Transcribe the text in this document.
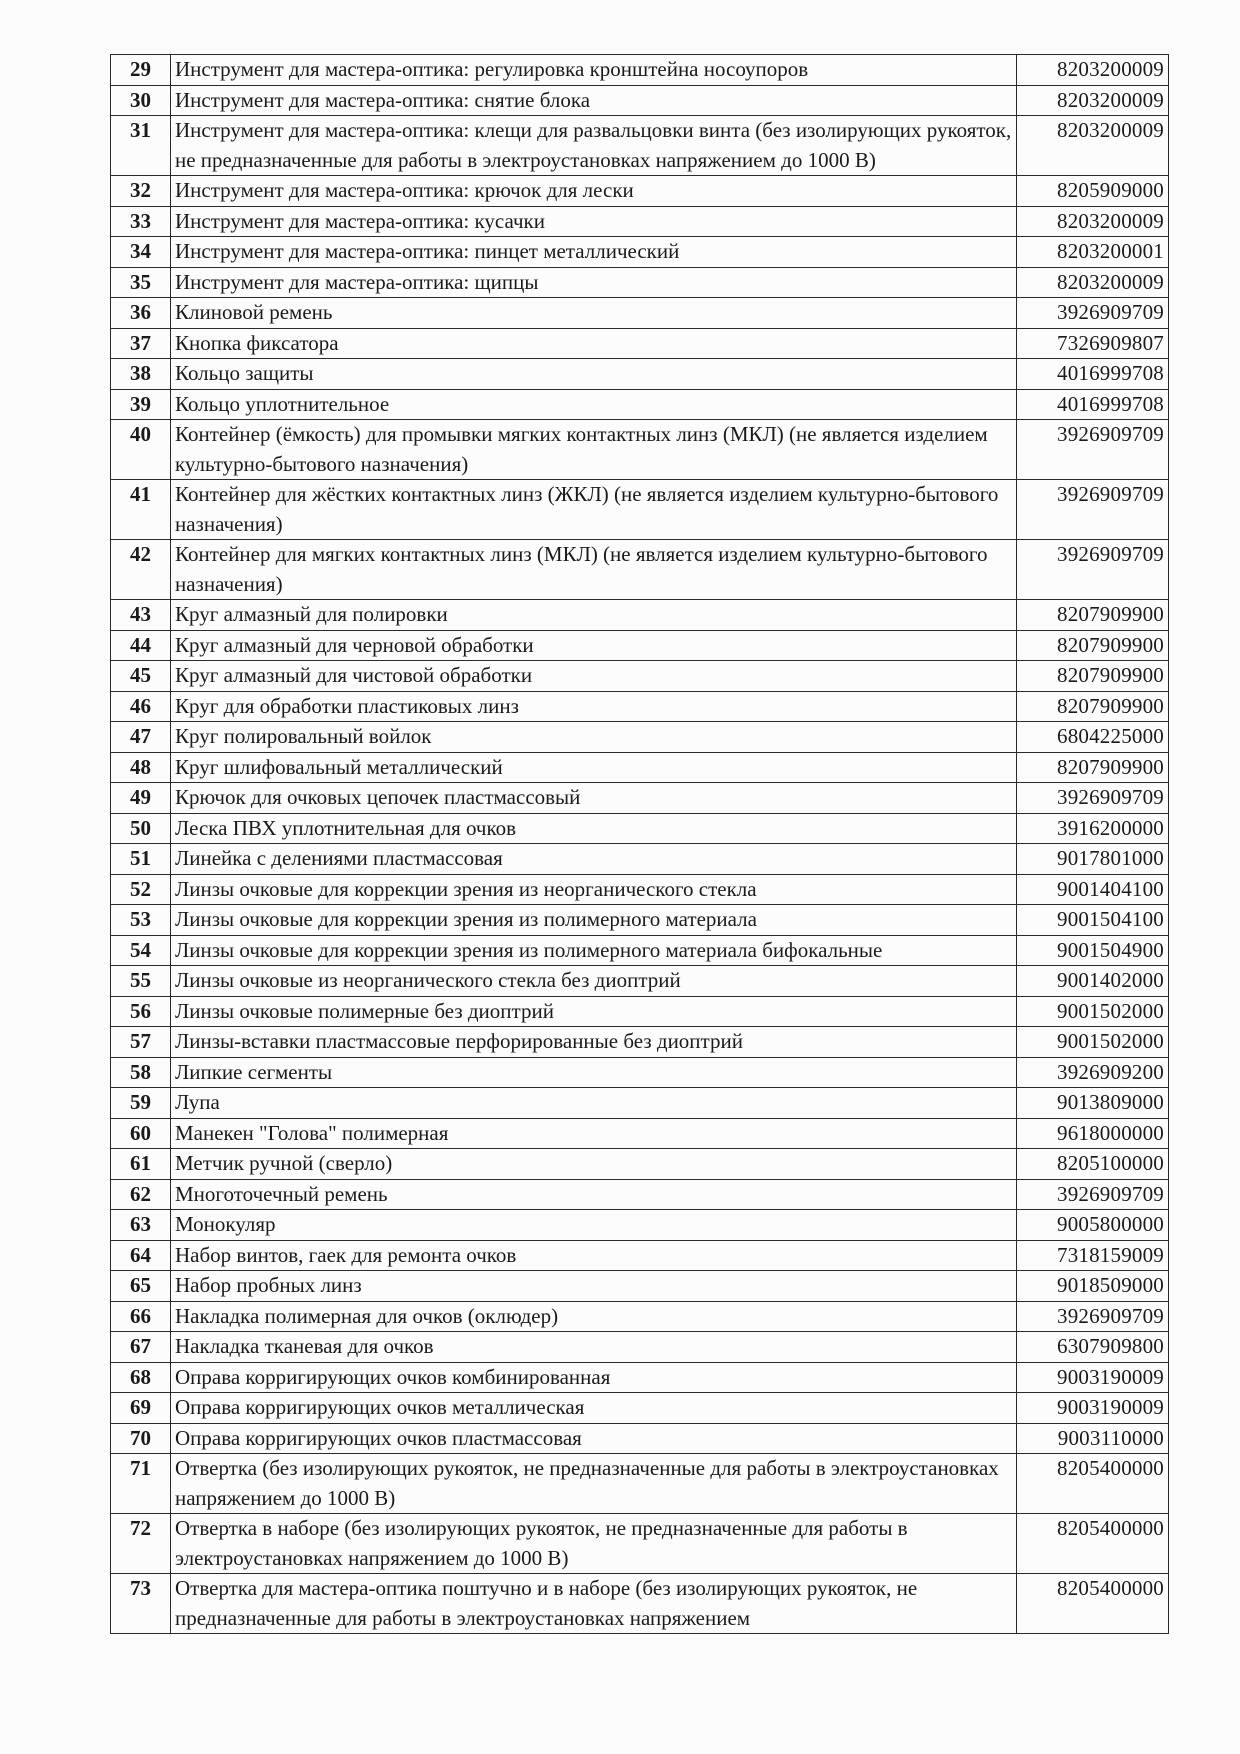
29	Инструмент для мастера-оптика: регулировка кронштейна носоупоров	8203200009
30	Инструмент для мастера-оптика: снятие блока	8203200009
31	Инструмент для мастера-оптика: клещи для развальцовки винта (без изолирующих рукояток, не предназначенные для работы в электроустановках напряжением до 1000 В)	8203200009
32	Инструмент для мастера-оптика: крючок для лески	8205909000
33	Инструмент для мастера-оптика: кусачки	8203200009
34	Инструмент для мастера-оптика: пинцет металлический	8203200001
35	Инструмент для мастера-оптика: щипцы	8203200009
36	Клиновой ремень	3926909709
37	Кнопка фиксатора	7326909807
38	Кольцо защиты	4016999708
39	Кольцо уплотнительное	4016999708
40	Контейнер (ёмкость) для промывки мягких контактных линз (МКЛ) (не является изделием культурно-бытового назначения)	3926909709
41	Контейнер для жёстких контактных линз (ЖКЛ) (не является изделием культурно-бытового назначения)	3926909709
42	Контейнер для мягких контактных линз (МКЛ) (не является изделием культурно-бытового назначения)	3926909709
43	Круг алмазный для полировки	8207909900
44	Круг алмазный для черновой обработки	8207909900
45	Круг алмазный для чистовой обработки	8207909900
46	Круг для обработки пластиковых линз	8207909900
47	Круг полировальный войлок	6804225000
48	Круг шлифовальный металлический	8207909900
49	Крючок для очковых цепочек пластмассовый	3926909709
50	Леска ПВХ уплотнительная для очков	3916200000
51	Линейка с делениями пластмассовая	9017801000
52	Линзы очковые для коррекции зрения из неорганического стекла	9001404100
53	Линзы очковые для коррекции зрения из полимерного материала	9001504100
54	Линзы очковые для коррекции зрения из полимерного материала бифокальные	9001504900
55	Линзы очковые из неорганического стекла без диоптрий	9001402000
56	Линзы очковые полимерные без диоптрий	9001502000
57	Линзы-вставки пластмассовые перфорированные без диоптрий	9001502000
58	Липкие сегменты	3926909200
59	Лупа	9013809000
60	Манекен "Голова" полимерная	9618000000
61	Метчик ручной (сверло)	8205100000
62	Многоточечный ремень	3926909709
63	Монокуляр	9005800000
64	Набор винтов, гаек для ремонта очков	7318159009
65	Набор пробных линз	9018509000
66	Накладка полимерная для очков (оклюдер)	3926909709
67	Накладка тканевая для очков	6307909800
68	Оправа корригирующих очков комбинированная	9003190009
69	Оправа корригирующих очков металлическая	9003190009
70	Оправа корригирующих очков пластмассовая	9003110000
71	Отвертка (без изолирующих рукояток, не предназначенные для работы в электроустановках напряжением до 1000 В)	8205400000
72	Отвертка в наборе (без изолирующих рукояток, не предназначенные для работы в электроустановках напряжением до 1000 В)	8205400000
73	Отвертка для мастера-оптика поштучно и в наборе (без изолирующих рукояток, не предназначенные для работы в электроустановках напряжением	8205400000
